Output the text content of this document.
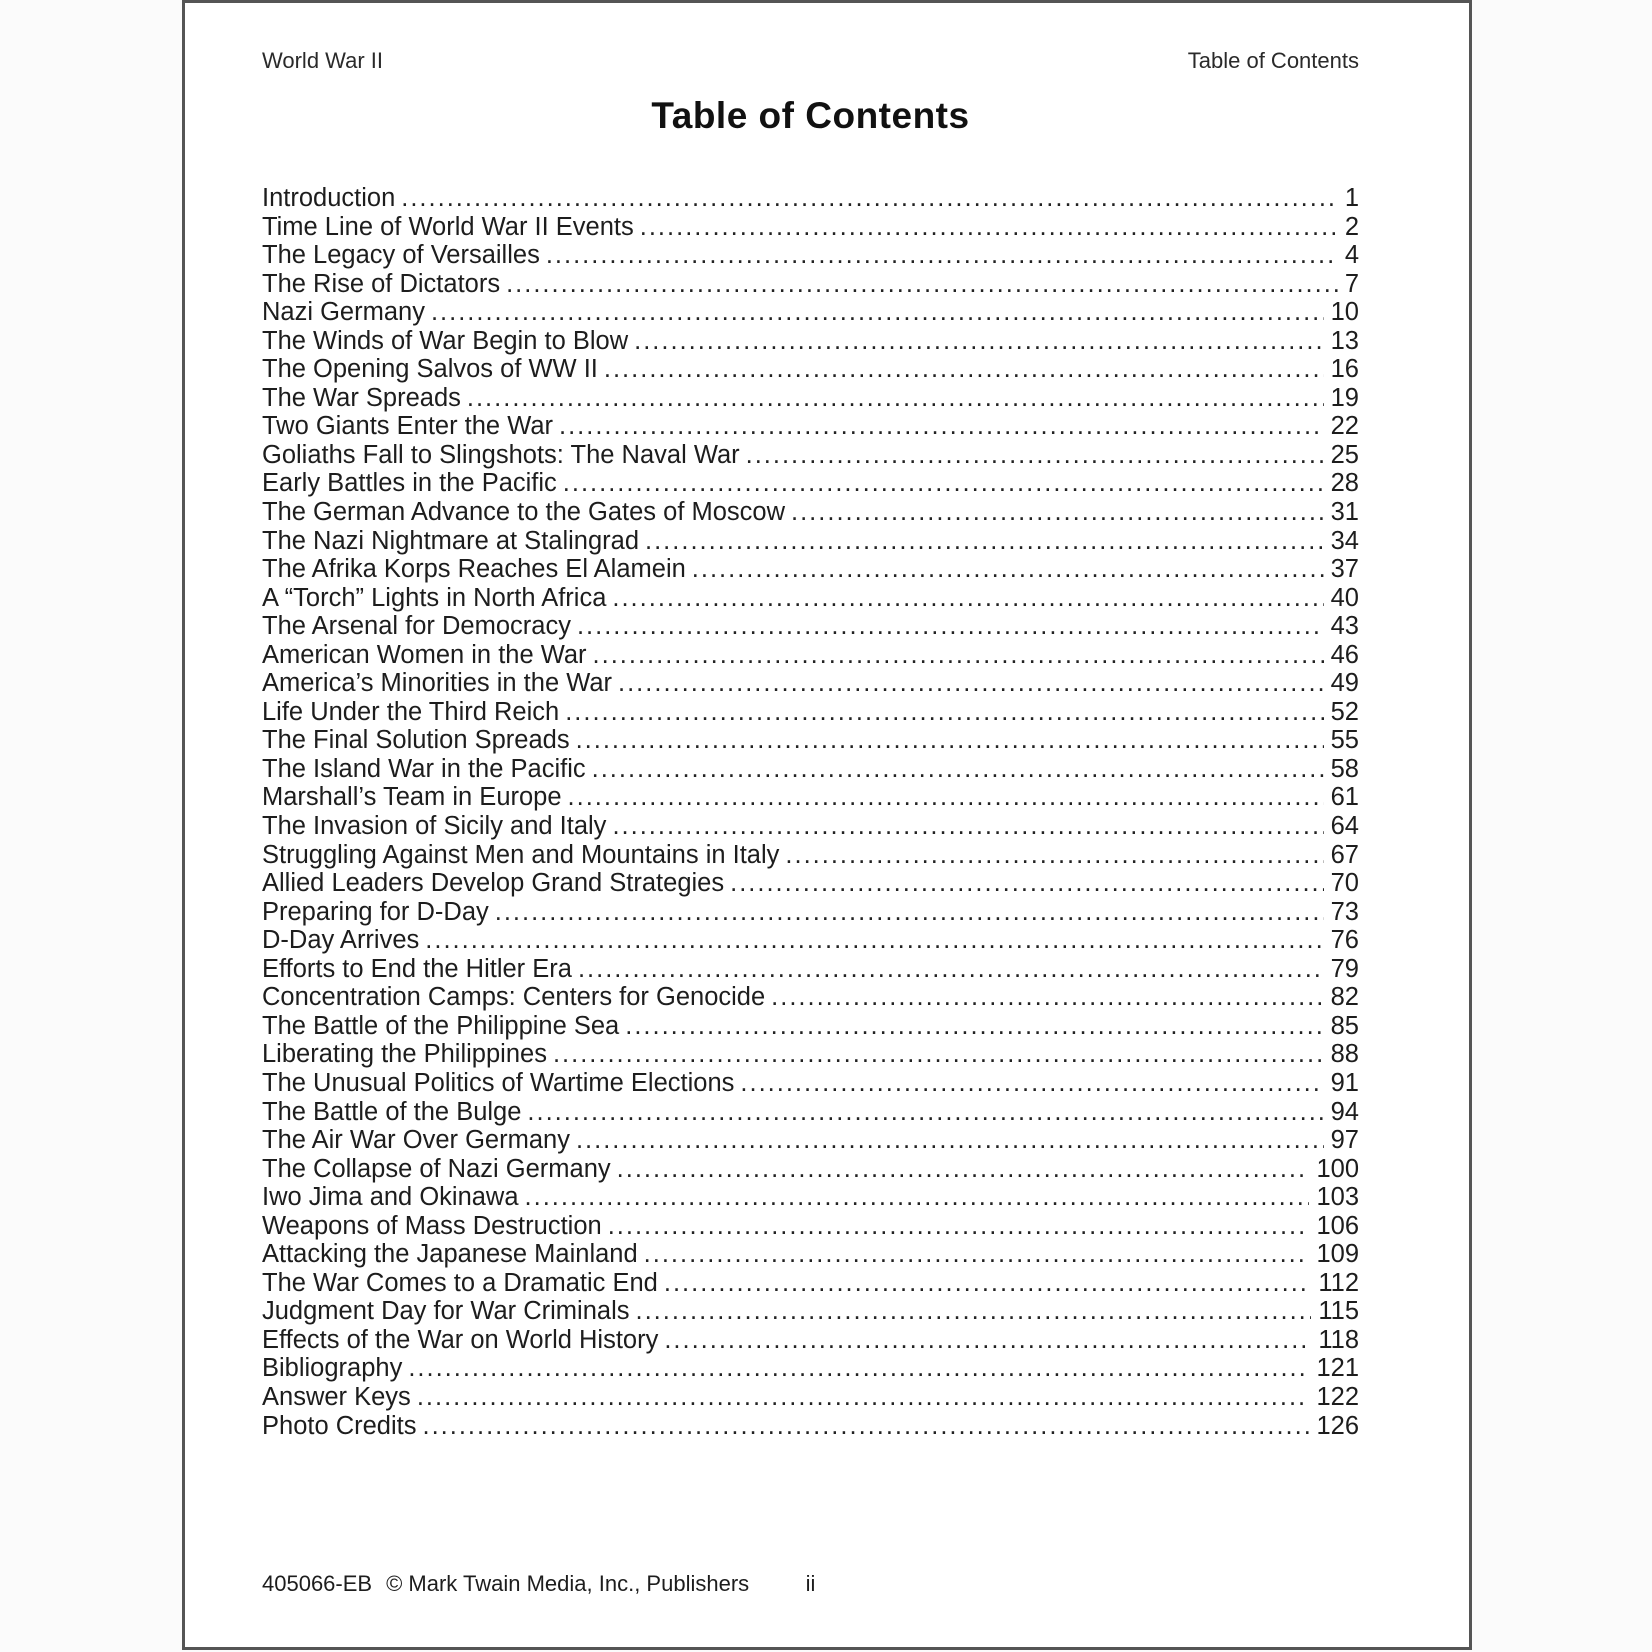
World War II	Table of Contents
Table of Contents
Introduction .....	1
Time Line of World War II Events .....	2
The Legacy of Versailles .....	4
The Rise of Dictators .....	7
Nazi Germany .....	10
The Winds of War Begin to Blow .....	13
The Opening Salvos of WW II .....	16
The War Spreads .....	19
Two Giants Enter the War .....	22
Goliaths Fall to Slingshots: The Naval War .....	25
Early Battles in the Pacific .....	28
The German Advance to the Gates of Moscow .....	31
The Nazi Nightmare at Stalingrad .....	34
The Afrika Korps Reaches El Alamein .....	37
A “Torch” Lights in North Africa .....	40
The Arsenal for Democracy .....	43
American Women in the War .....	46
America’s Minorities in the War .....	49
Life Under the Third Reich .....	52
The Final Solution Spreads .....	55
The Island War in the Pacific .....	58
Marshall’s Team in Europe .....	61
The Invasion of Sicily and Italy .....	64
Struggling Against Men and Mountains in Italy .....	67
Allied Leaders Develop Grand Strategies .....	70
Preparing for D-Day .....	73
D-Day Arrives .....	76
Efforts to End the Hitler Era .....	79
Concentration Camps: Centers for Genocide .....	82
The Battle of the Philippine Sea .....	85
Liberating the Philippines .....	88
The Unusual Politics of Wartime Elections .....	91
The Battle of the Bulge .....	94
The Air War Over Germany .....	97
The Collapse of Nazi Germany .....	100
Iwo Jima and Okinawa .....	103
Weapons of Mass Destruction .....	106
Attacking the Japanese Mainland .....	109
The War Comes to a Dramatic End .....	112
Judgment Day for War Criminals .....	115
Effects of the War on World History .....	118
Bibliography .....	121
Answer Keys .....	122
Photo Credits .....	126
405066-EB © Mark Twain Media, Inc., Publishers	ii
